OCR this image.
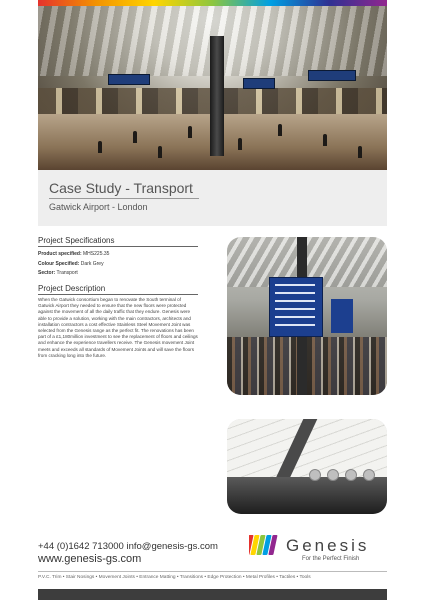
Case Study - Transport
Gatwick Airport - London
Project Specifications
Product specified: MHS225.35
Colour Specified: Dark Grey
Sector: Transport
Project Description
When the Gatwick consortium began to renovate the South terminal of Gatwick Airport they needed to ensure that the new floors were protected against the movement of all the daily traffic that they endure. Genesis were able to provide a solution, working with the main contractors, architects and installation contractors a cost effective Stainless Steel Movement Joint was selected from the Genesis range as the perfect fit. The renovations has been part of a £1,180million investment to see the replacement of floors and ceilings and enhance the experience travellers receive. The Genesis movement Joint meets and exceeds all standards of Movement Joints and will save the floors from cracking long into the future.
+44 (0)1642 713000 info@genesis-gs.com
www.genesis-gs.com
Genesis
For the Perfect Finish
P.V.C. Trim • Stair Nosings • Movement Joints • Entrance Matting • Transitions • Edge Protection • Metal Profiles • Tactiles • Tools
